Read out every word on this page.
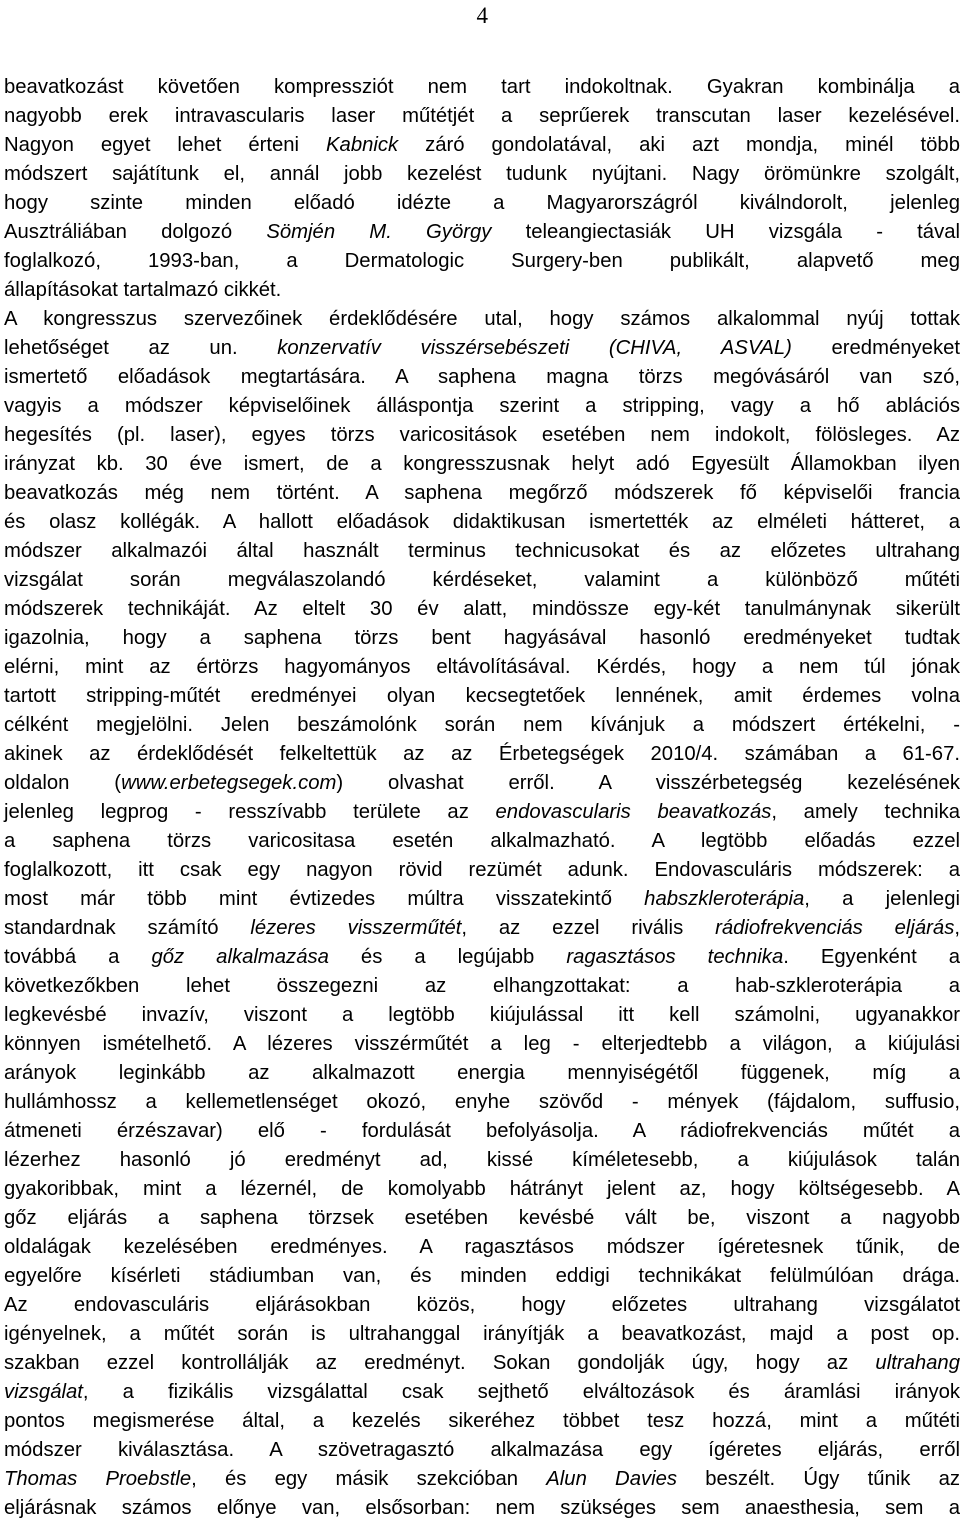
4
beavatkozást követően kompressziót nem tart indokoltnak. Gyakran kombinálja a
nagyobb erek intravascularis laser műtétjét a seprűerek transcutan laser kezelésével.
Nagyon egyet lehet érteni Kabnick záró gondolatával, aki azt mondja, minél több
módszert sajátítunk el, annál jobb kezelést tudunk nyújtani. Nagy örömünkre szolgált,
hogy szinte minden előadó idézte a Magyarországról kiválndorolt, jelenleg
Ausztráliában dolgozó Sömjén M. György teleangiectasiák UH vizsgála - tával
foglalkozó, 1993-ban, a Dermatologic Surgery-ben publikált, alapvető meg
állapításokat tartalmazó cikkét.
A kongresszus szervezőinek érdeklődésére utal, hogy számos alkalommal nyúj tottak
lehetőséget az un. konzervatív visszérsebészeti (CHIVA, ASVAL) eredményeket
ismertető előadások megtartására. A saphena magna törzs megóvásáról van szó,
vagyis a módszer képviselőinek álláspontja szerint a stripping, vagy a hő ablációs
hegesítés (pl. laser), egyes törzs varicositások esetében nem indokolt, fölösleges. Az
irányzat kb. 30 éve ismert, de a kongresszusnak helyt adó Egyesült Államokban ilyen
beavatkozás még nem történt. A saphena megőrző módszerek fő képviselői francia
és olasz kollégák. A hallott előadások didaktikusan ismertették az elméleti hátteret, a
módszer alkalmazói által használt terminus technicusokat és az előzetes ultrahang
vizsgálat során megválaszolandó kérdéseket, valamint a különböző műtéti
módszerek technikáját. Az eltelt 30 év alatt, mindössze egy-két tanulmánynak sikerült
igazolnia, hogy a saphena törzs bent hagyásával hasonló eredményeket tudtak
elérni, mint az értörzs hagyományos eltávolításával. Kérdés, hogy a nem túl jónak
tartott stripping-műtét eredményei olyan kecsegtetőek lennének, amit érdemes volna
célként megjelölni. Jelen beszámolónk során nem kívánjuk a módszert értékelni, -
akinek az érdeklődését felkeltettük az az Érbetegségek 2010/4. számában a 61-67.
oldalon (www.erbetegsegek.com) olvashat erről. A visszérbetegség kezelésének
jelenleg legprog - resszívabb területe az endovascularis beavatkozás, amely technika
a saphena törzs varicositasa esetén alkalmazható. A legtöbb előadás ezzel
foglalkozott, itt csak egy nagyon rövid rezümét adunk. Endovasculáris módszerek: a
most már több mint évtizedes múltra visszatekintő habszkleroterápia, a jelenlegi
standardnak számító lézeres visszerműtét, az ezzel rivális rádiofrekvenciás eljárás,
továbbá a gőz alkalmazása és a legújabb ragasztásos technika. Egyenként a
következőkben lehet összegezni az elhangzottakat: a hab-szkleroterápia a
legkevésbé invazív, viszont a legtöbb kiújulással itt kell számolni, ugyanakkor
könnyen ismételhető. A lézeres visszérműtét a leg - elterjedtebb a világon, a kiújulási
arányok leginkább az alkalmazott energia mennyiségétől függenek, míg a
hullámhossz a kellemetlenséget okozó, enyhe szövőd - mények (fájdalom, suffusio,
átmeneti érzészavar) elő - fordulását befolyásolja. A rádiofrekvenciás műtét a
lézerhez hasonló jó eredményt ad, kissé kíméletesebb, a kiújulások talán
gyakoribbak, mint a lézernél, de komolyabb hátrányt jelent az, hogy költségesebb. A
gőz eljárás a saphena törzsek esetében kevésbé vált be, viszont a nagyobb
oldalágak kezelésében eredményes. A ragasztásos módszer ígéretesnek tűnik, de
egyelőre kísérleti stádiumban van, és minden eddigi technikákat felülmúlóan drága.
Az endovasculáris eljárásokban közös, hogy előzetes ultrahang vizsgálatot
igényelnek, a műtét során is ultrahanggal irányítják a beavatkozást, majd a post op.
szakban ezzel kontrollálják az eredményt. Sokan gondolják úgy, hogy az ultrahang
vizsgálat, a fizikális vizsgálattal csak sejthető elváltozások és áramlási irányok
pontos megismerése által, a kezelés sikeréhez többet tesz hozzá, mint a műtéti
módszer kiválasztása. A szövetragasztó alkalmazása egy ígéretes eljárás, erről
Thomas Proebstle, és egy másik szekcióban Alun Davies beszélt. Úgy tűnik az
eljárásnak számos előnye van, elsősorban: nem szükséges sem anaesthesia, sem a
